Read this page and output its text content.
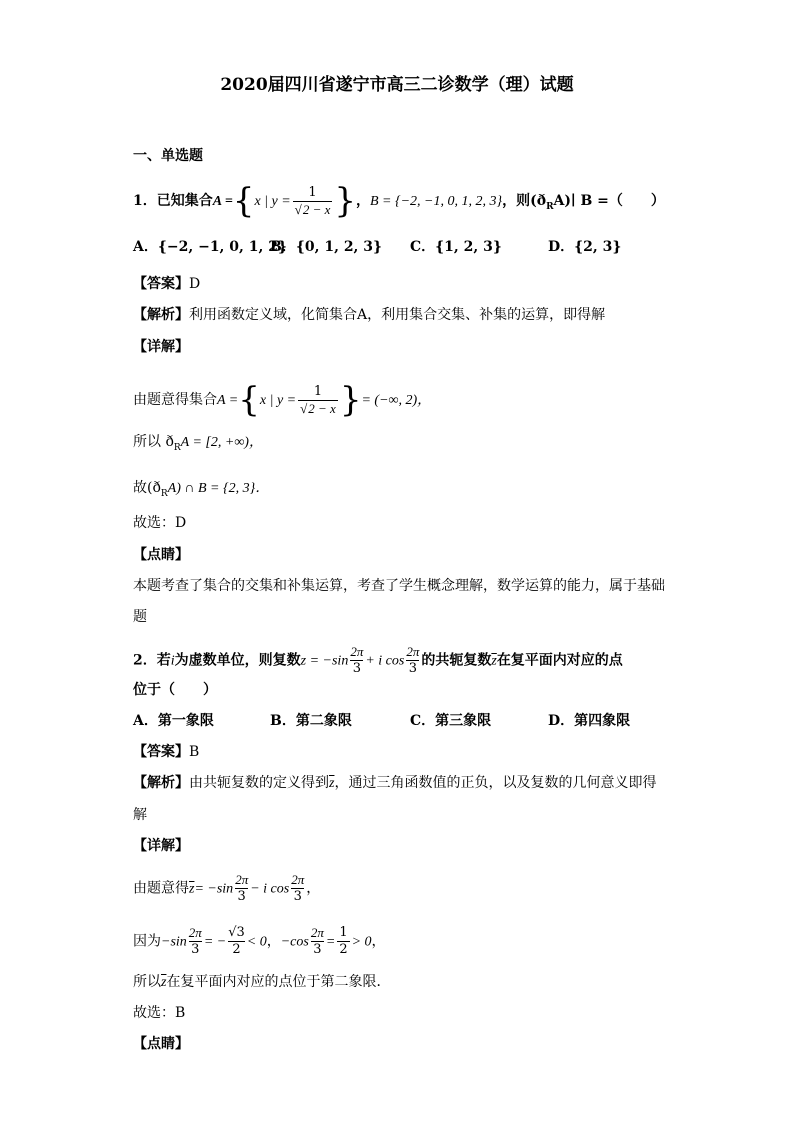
2020届四川省遂宁市高三二诊数学（理）试题
一、单选题
1．已知集合A ={x | $y = \frac{1}{√2 - x}$ }，B = {−2, −1, 0, 1, 2, 3}，则$(ð_RA)∣$ B =（　　）
A．{−2, −1, 0, 1, 2}
B．{0, 1, 2, 3} C．{1, 2, 3}	D．{2, 3}
【答案】D
【解析】利用函数定义域，化简集合A，利用集合交集、补集的运算，即得解
【详解】
由题意得集合A ={x | $y = \frac{1}{√2 - x}$ }= (−∞, 2)，
所以 $ð_RA = [2$, +∞)，
故$(ð_RA)$ ∩ B = {2, 3}．
故选：D
【点睛】
本题考查了集合的交集和补集运算，考查了学生概念理解，数学运算的能力，属于基础
题
2．若i为虚数单位，则复数$z = -\sin \frac{2\pi}{3} + i$ $\cos \frac{2\pi}{3}$ 的共轭复数$\overline{z}$在复平面内对应的点
位于（　　）
A．第一象限	B．第二象限	C．第三象限	D．第四象限
【答案】B
【解析】由共轭复数的定义得到$\overline{z}$，通过三角函数值的正负，以及复数的几何意义即得
解
【详解】
由题意得$\overline{z}= -\sin \frac{2\pi}{3} - i$ $\cos \frac{2\pi}{3}$ ，
因为$-\sin \frac{2\pi}{3}$ = − $\frac{√3}{2} < 0$，$-\cos \frac{2\pi}{3} = \frac{1}{2} > 0$，
所以$\overline{z}$在复平面内对应的点位于第二象限．
故选：B
【点睛】
